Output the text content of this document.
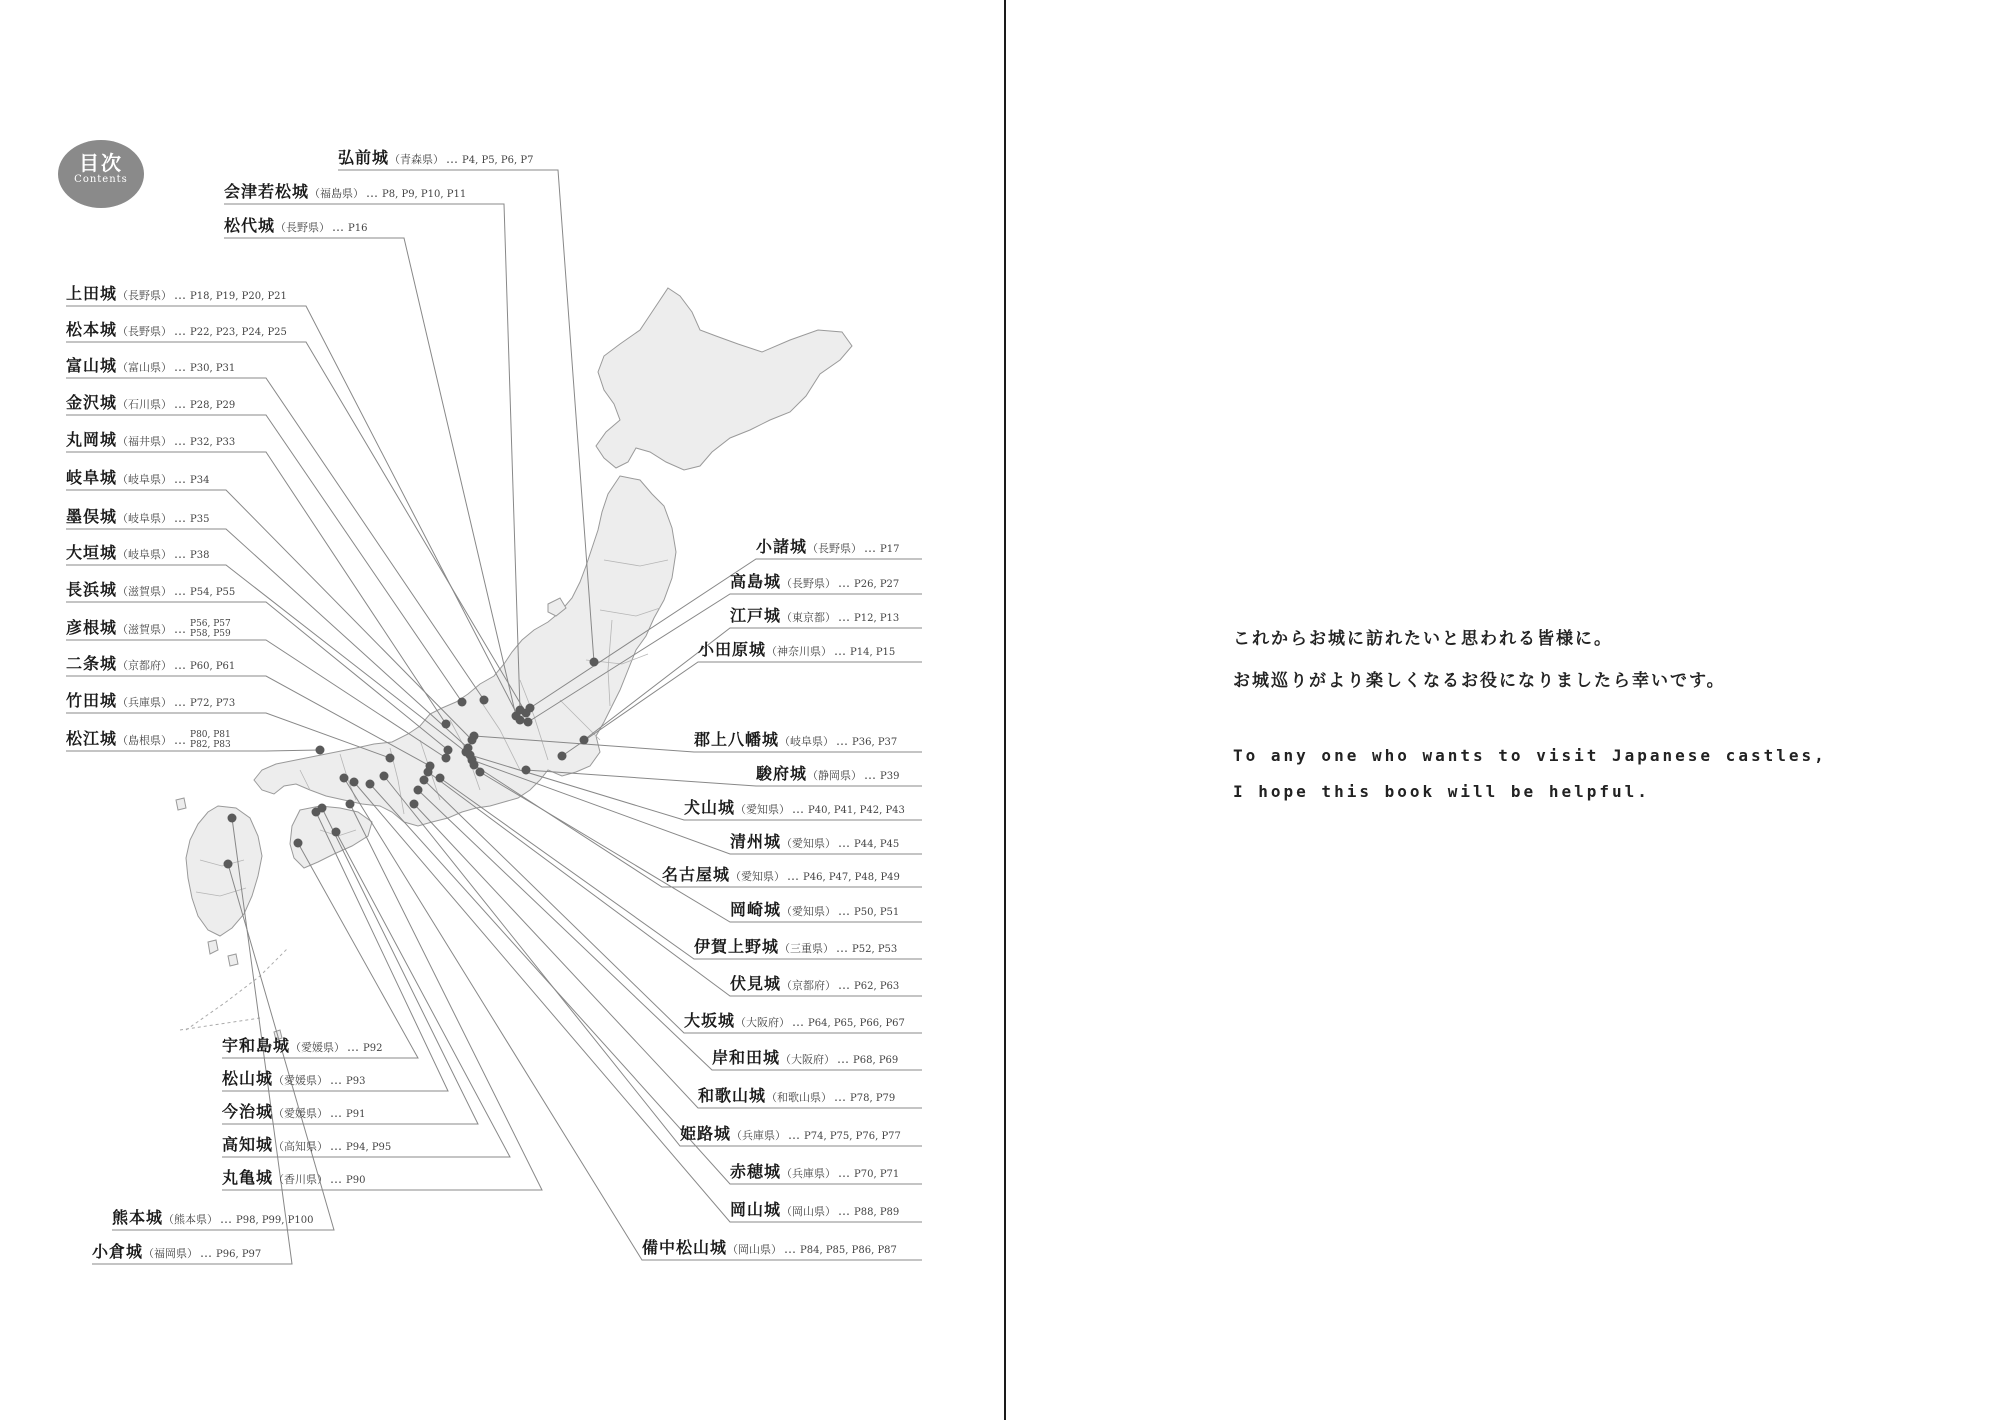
目次
Contents
弘前城（青森県） … P4, P5, P6, P7
会津若松城（福島県） … P8, P9, P10, P11
松代城（長野県） … P16
上田城（長野県） … P18, P19, P20, P21
松本城（長野県） … P22, P23, P24, P25
富山城（富山県） … P30, P31
金沢城（石川県） … P28, P29
丸岡城（福井県） … P32, P33
岐阜城（岐阜県） … P34
墨俣城（岐阜県） … P35
大垣城（岐阜県） … P38
長浜城（滋賀県） … P54, P55
彦根城（滋賀県） … P56, P57
P58, P59
二条城（京都府） … P60, P61
竹田城（兵庫県） … P72, P73
松江城（島根県） … P80, P81
P82, P83
小諸城（長野県） … P17
高島城（長野県） … P26, P27
江戸城（東京都） … P12, P13
小田原城（神奈川県） … P14, P15
郡上八幡城（岐阜県） … P36, P37
駿府城（静岡県） … P39
犬山城（愛知県） … P40, P41, P42, P43
清州城（愛知県） … P44, P45
名古屋城（愛知県） … P46, P47, P48, P49
岡崎城（愛知県） … P50, P51
伊賀上野城（三重県） … P52, P53
伏見城（京都府） … P62, P63
大坂城（大阪府） … P64, P65, P66, P67
岸和田城（大阪府） … P68, P69
和歌山城（和歌山県） … P78, P79
姫路城（兵庫県） … P74, P75, P76, P77
赤穂城（兵庫県） … P70, P71
岡山城（岡山県） … P88, P89
備中松山城（岡山県） … P84, P85, P86, P87
宇和島城（愛媛県） … P92
松山城（愛媛県） … P93
今治城（愛媛県） … P91
高知城（高知県） … P94, P95
丸亀城（香川県） … P90
熊本城（熊本県） … P98, P99, P100
小倉城（福岡県） … P96, P97
これからお城に訪れたいと思われる皆様に。
お城巡りがより楽しくなるお役になりましたら幸いです。
To any one who wants to visit Japanese castles,
I hope this book will be helpful.
